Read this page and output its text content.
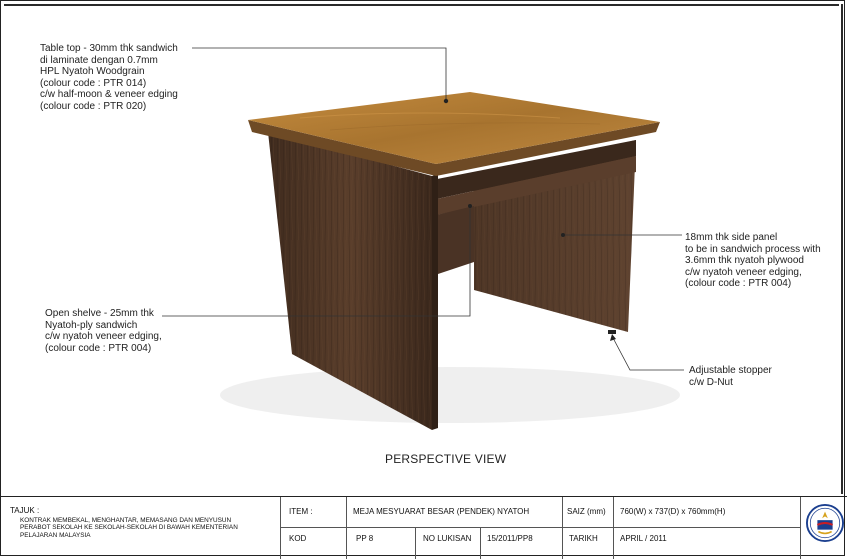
Table top - 30mm thk sandwich
di laminate dengan 0.7mm
HPL Nyatoh Woodgrain
(colour code : PTR 014)
c/w half-moon & veneer edging
(colour code : PTR 020)
18mm thk side panel
to be in sandwich process with
3.6mm thk nyatoh plywood
c/w nyatoh veneer edging,
(colour code : PTR 004)
Open shelve - 25mm thk
Nyatoh-ply sandwich
c/w nyatoh veneer edging,
(colour code : PTR 004)
Adjustable stopper
c/w D-Nut
PERSPECTIVE VIEW
TAJUK :
KONTRAK MEMBEKAL, MENGHANTAR, MEMASANG DAN MENYUSUN
PERABOT SEKOLAH KE SEKOLAH-SEKOLAH DI BAWAH KEMENTERIAN
PELAJARAN MALAYSIA
ITEM :	MEJA MESYUARAT BESAR (PENDEK) NYATOH	SAIZ (mm) 760(W) x 737(D) x 760mm(H)
KOD	PP 8	NO LUKISAN 15/2011/PP8	TARIKH	APRIL / 2011
